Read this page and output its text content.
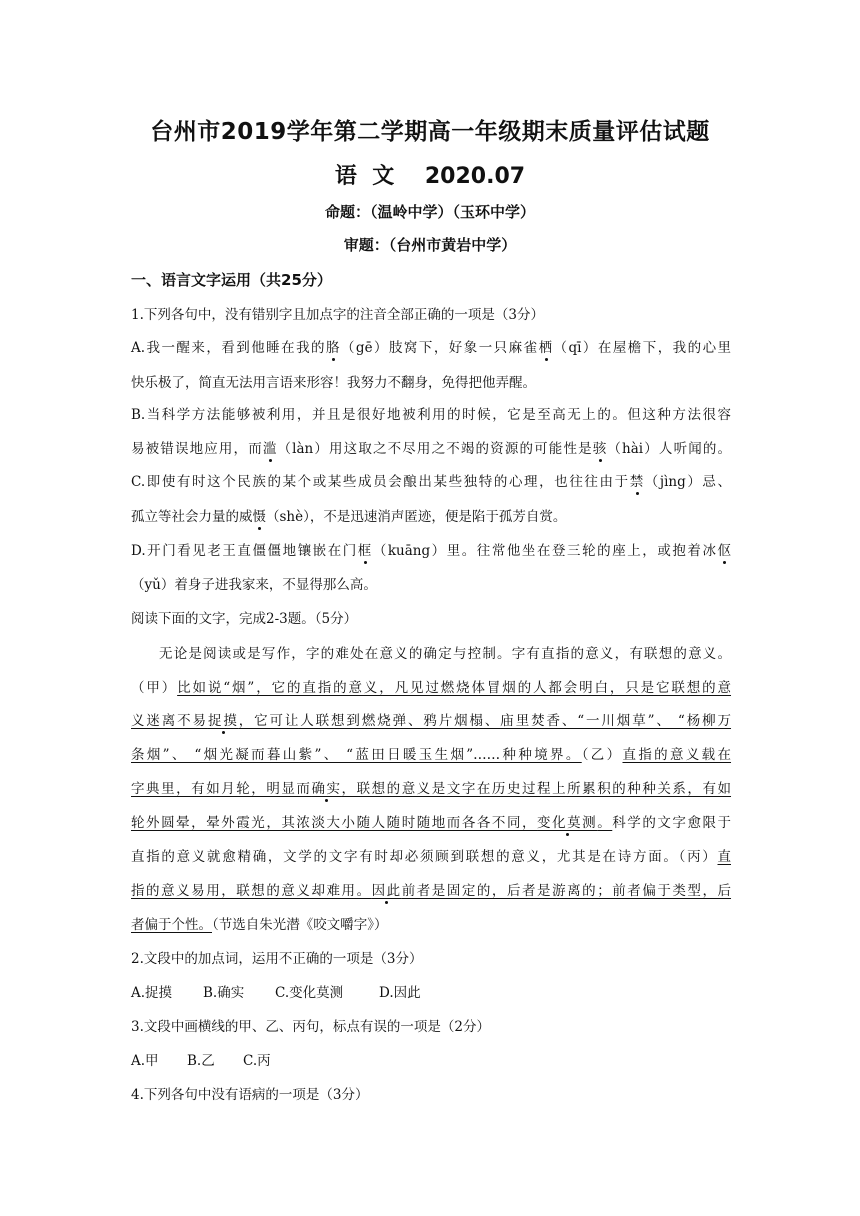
台州市2019学年第二学期高一年级期末质量评估试题
语  文    2020.07
命题：（温岭中学）（玉环中学）
审题：（台州市黄岩中学）
一、语言文字运用（共25分）
1.下列各句中，没有错别字且加点字的注音全部正确的一项是（3分）
A.我一醒来，看到他睡在我的胳（gē）肢窝下，好象一只麻雀栖（qī）在屋檐下，我的心里
快乐极了，简直无法用言语来形容！我努力不翻身，免得把他弄醒。
B.当科学方法能够被利用，并且是很好地被利用的时候，它是至高无上的。但这种方法很容
易被错误地应用，而滥（làn）用这取之不尽用之不竭的资源的可能性是骇（hài）人听闻的。
C.即使有时这个民族的某个或某些成员会酿出某些独特的心理，也往往由于禁（jìng）忌、
孤立等社会力量的威慑（shè），不是迅速消声匿迹，便是陷于孤芳自赏。
D.开门看见老王直僵僵地镶嵌在门框（kuāng）里。往常他坐在登三轮的座上，或抱着冰伛
（yǔ）着身子进我家来，不显得那么高。
阅读下面的文字，完成2-3题。（5分）
无论是阅读或是写作，字的难处在意义的确定与控制。字有直指的意义，有联想的意义。
（甲）比如说“烟”，它的直指的意义，凡见过燃烧体冒烟的人都会明白，只是它联想的意
义迷离不易捉摸，它可让人联想到燃烧弹、鸦片烟榻、庙里焚香、“一川烟草”、 “杨柳万
条烟”、 “烟光凝而暮山紫”、 “蓝田日暖玉生烟”……种种境界。（乙）直指的意义载在
字典里，有如月轮，明显而确实，联想的意义是文字在历史过程上所累积的种种关系，有如
轮外圆晕，晕外霞光，其浓淡大小随人随时随地而各各不同，变化莫测。科学的文字愈限于
直指的意义就愈精确，文学的文字有时却必须顾到联想的意义，尤其是在诗方面。（丙）直
指的意义易用，联想的意义却难用。因此前者是固定的，后者是游离的；前者偏于类型，后
者偏于个性。（节选自朱光潜《咬文嚼字》）
2.文段中的加点词，运用不正确的一项是（3分）
A.捉摸 B.确实 C.变化莫测	D.因此
3.文段中画横线的甲、乙、丙句，标点有误的一项是（2分）
A.甲 B.乙 C.丙
4.下列各句中没有语病的一项是（3分）
